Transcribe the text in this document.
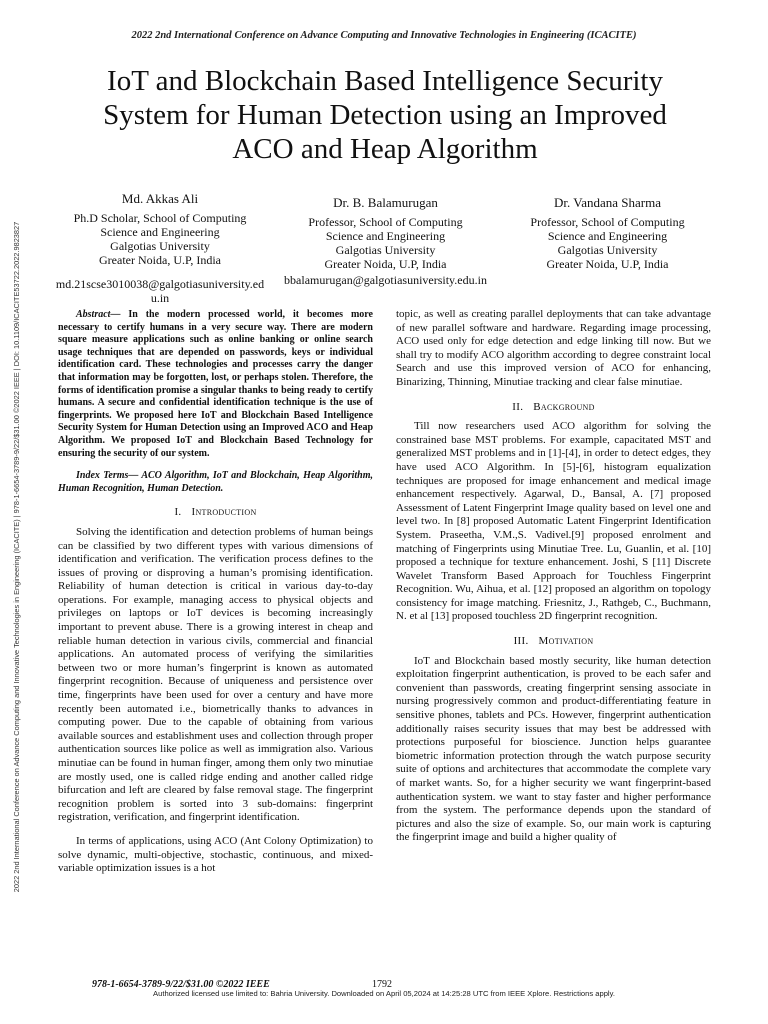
2022 2nd International Conference on Advance Computing and Innovative Technologies in Engineering (ICACITE)
IoT and Blockchain Based Intelligence Security System for Human Detection using an Improved ACO and Heap Algorithm
2022 2nd International Conference on Advance Computing and Innovative Technologies in Engineering (ICACITE) | 978-1-6654-3789-9/22/$31.00 ©2022 IEEE | DOI: 10.1109/ICACITE53722.2022.9823827
Md. Akkas Ali
Ph.D Scholar, School of Computing
Science and Engineering
Galgotias University
Greater Noida, U.P, India
md.21scse3010038@galgotiasuniversity.edu.in
Dr. B. Balamurugan
Professor, School of Computing
Science and Engineering
Galgotias University
Greater Noida, U.P, India
bbalamurugan@galgotiasuniversity.edu.in
Dr. Vandana Sharma
Professor, School of Computing
Science and Engineering
Galgotias University
Greater Noida, U.P, India

Abstract— In the modern processed world, it becomes more necessary to certify humans in a very secure way. There are modern square measure applications such as online banking or online search usage techniques that are depended on passwords, keys or individual identification card. These technologies and processes carry the danger that information may be forgotten, lost, or perhaps stolen. Therefore, the forms of identification promise a singular thanks to being ready to certify humans. A secure and confidential identification technique is the use of fingerprints. We proposed here IoT and Blockchain Based Intelligence Security System for Human Detection using an Improved ACO and Heap Algorithm. We proposed IoT and Blockchain Based Technology for ensuring the security of our system.

Index Terms— ACO Algorithm, IoT and Blockchain, Heap Algorithm, Human Recognition, Human Detection.

I. Introduction

Solving the identification and detection problems of human beings can be classified by two different types with various dimensions of identification and verification. The verification process defines to the issues of proving or disproving a human’s promising identification. Reliability of human detection is critical in various day-to-day operations. For example, managing access to physical objects and privileges on laptops or IoT devices is becoming increasingly important to prevent abuse. There is a growing interest in cheap and reliable human detection in various civils, commercial and financial applications. An automated process of verifying the similarities between two or more human’s fingerprint is known as automated fingerprint recognition. Because of uniqueness and persistence over time, fingerprints have been used for over a century and have more recently been automated i.e., biometrically thanks to advances in computing power. Due to the capable of obtaining from various available sources and establishment uses and collection through proper authentication sources like police as well as immigration also. Various minutiae can be found in human finger, among them only two minutiae are mostly used, one is called ridge ending and another called ridge bifurcation and left are cleared by false removal stage. The fingerprint recognition problem is sorted into 3 sub-domains: fingerprint registration, verification, and fingerprint identification.

In terms of applications, using ACO (Ant Colony Optimization) to solve dynamic, multi-objective, stochastic, continuous, and mixed-variable optimization issues is a hot

topic, as well as creating parallel deployments that can take advantage of new parallel software and hardware. Regarding image processing, ACO used only for edge detection and edge linking till now. But we shall try to modify ACO algorithm according to degree constraint local Search and use this improved version of ACO for enhancing, Binarizing, Thinning, Minutiae tracking and clear false minutiae.

II. Background

Till now researchers used ACO algorithm for solving the constrained base MST problems. For example, capacitated MST and generalized MST problems and in [1]-[4], in order to detect edges, they have used ACO Algorithm. In [5]-[6], histogram equalization techniques are proposed for image enhancement and medical image enhancement respectively. Agarwal, D., Bansal, A. [7] proposed Assessment of Latent Fingerprint Image quality based on level one and level two. In [8] proposed Automatic Latent Fingerprint Identification System. Praseetha, V.M.,S. Vadivel.[9] proposed enrolment and matching of Fingerprints using Minutiae Tree. Lu, Guanlin, et al. [10] proposed a technique for texture enhancement. Joshi, S [11] Discrete Wavelet Transform Based Approach for Touchless Fingerprint Recognition. Wu, Aihua, et al. [12] proposed an algorithm on topology consistency for image matching. Friesnitz, J., Rathgeb, C., Buchmann, N. et al [13] proposed touchless 2D fingerprint recognition.

III. Motivation

IoT and Blockchain based mostly security, like human detection exploitation fingerprint authentication, is proved to be each safer and convenient than passwords, creating fingerprint sensing associate in nursing progressively common and product-differentiating feature in sensitive phones, tablets and PCs. However, fingerprint authentication additionally raises security issues that may best be addressed with protections purposeful for bioscience. Junction helps guarantee biometric information protection through the watch purpose security suite of options and architectures that accommodate the complete vary of market wants. So, for a higher security we want fingerprint-based authentication system. we want to stay faster and higher performance from the system. The performance depends upon the standard of pictures and also the size of example. So, our main work is capturing the fingerprint image and build a higher quality of

978-1-6654-3789-9/22/$31.00 ©2022 IEEE	1792
Authorized licensed use limited to: Bahria University. Downloaded on April 05,2024 at 14:25:28 UTC from IEEE Xplore. Restrictions apply.
